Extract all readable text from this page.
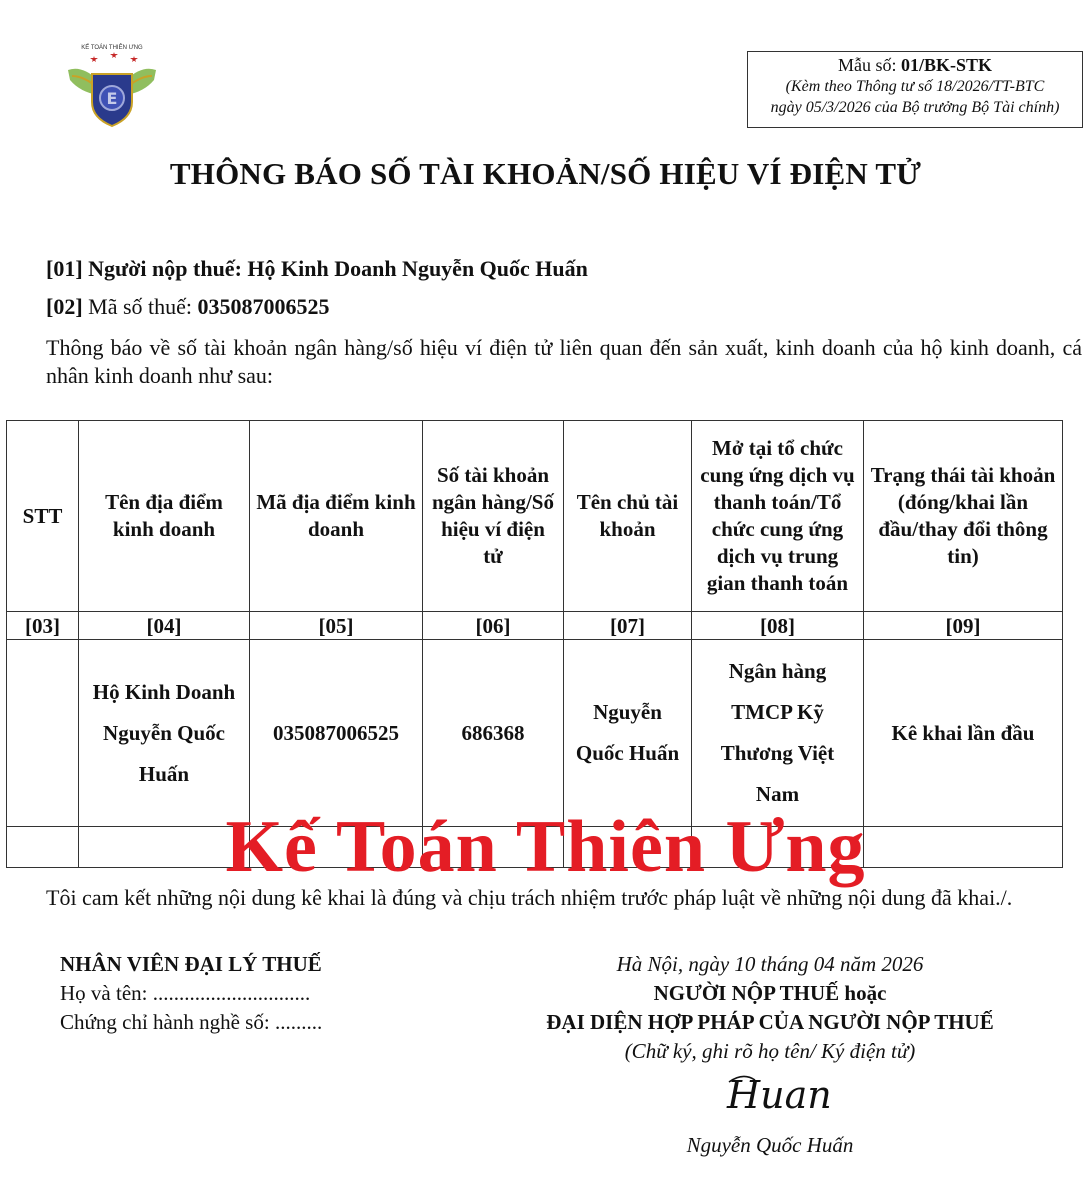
KẾ TOÁN THIÊN ƯNG
E
Mẫu số: 01/BK-STK
(Kèm theo Thông tư số 18/2026/TT-BTC
ngày 05/3/2026 của Bộ trưởng Bộ Tài chính)
THÔNG BÁO SỐ TÀI KHOẢN/SỐ HIỆU VÍ ĐIỆN TỬ
[01] Người nộp thuế: Hộ Kinh Doanh Nguyễn Quốc Huấn
[02] Mã số thuế: 035087006525
Thông báo về số tài khoản ngân hàng/số hiệu ví điện tử liên quan đến sản xuất, kinh doanh của hộ kinh doanh, cá nhân kinh doanh như sau:
STT	Tên địa điểm kinh doanh	Mã địa điểm kinh doanh	Số tài khoản ngân hàng/Số hiệu ví điện tử	Tên chủ tài khoản	Mở tại tổ chức cung ứng dịch vụ thanh toán/Tổ chức cung ứng dịch vụ trung gian thanh toán	Trạng thái tài khoản (đóng/khai lần đầu/thay đổi thông tin)
[03]	[04]	[05]	[06]	[07]	[08]	[09]
	Hộ Kinh Doanh Nguyễn Quốc Huấn	035087006525	686368	Nguyễn Quốc Huấn	Ngân hàng TMCP Kỹ Thương Việt Nam	Kê khai lần đầu

Kế Toán Thiên Ưng
Tôi cam kết những nội dung kê khai là đúng và chịu trách nhiệm trước pháp luật về những nội dung đã khai./.
NHÂN VIÊN ĐẠI LÝ THUẾ
Họ và tên: ..............................
Chứng chỉ hành nghề số: .........
Hà Nội, ngày 10 tháng 04 năm 2026
NGƯỜI NỘP THUẾ hoặc
ĐẠI DIỆN HỢP PHÁP CỦA NGƯỜI NỘP THUẾ
(Chữ ký, ghi rõ họ tên/ Ký điện tử)
Huan
Nguyễn Quốc Huấn
